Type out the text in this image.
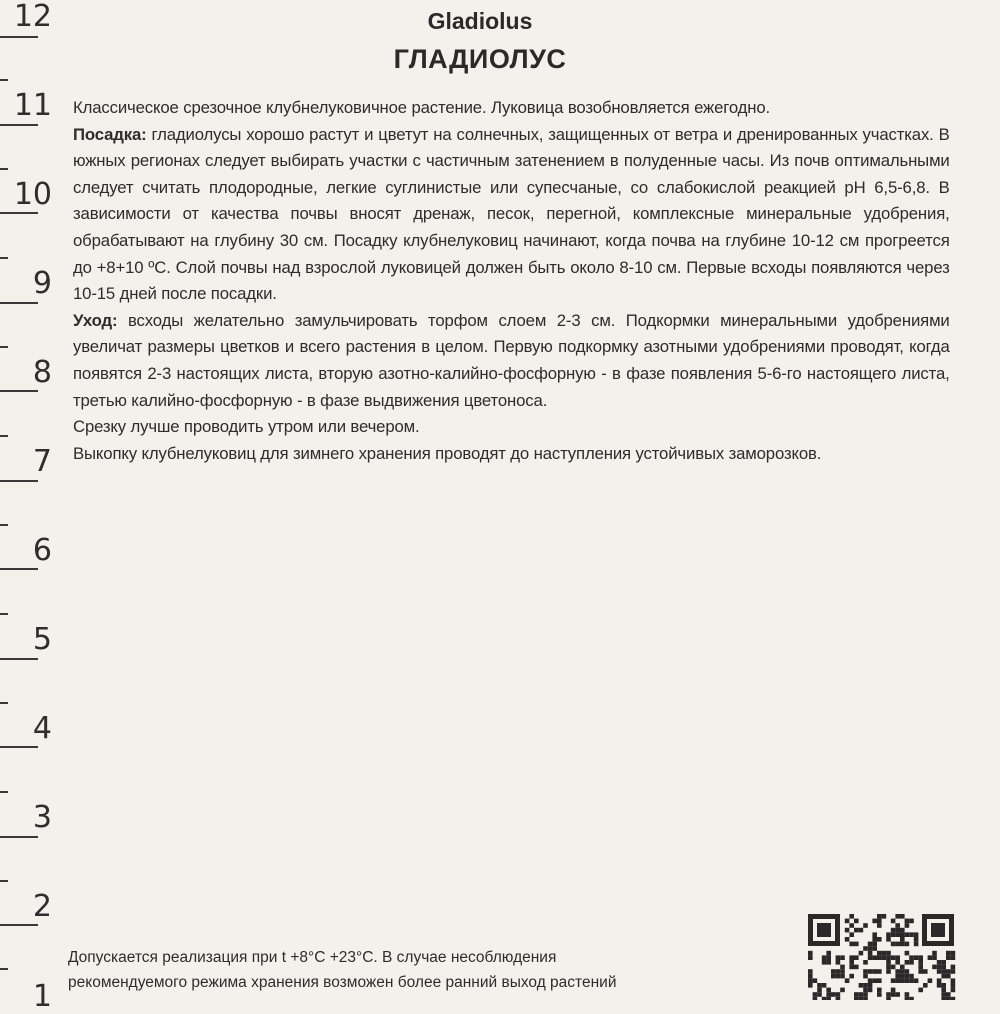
12
11
10
9
8
7
6
5
4
3
2
1
Gladiolus
ГЛАДИОЛУС

Классическое срезочное клубнелуковичное растение. Луковица возобновляется ежегодно.

Посадка: гладиолусы хорошо растут и цветут на солнечных, защищенных от ветра и дренированных участках. В южных регионах следует выбирать участки с частичным затенением в полуденные часы. Из почв оптимальными следует считать плодородные, легкие суглинистые или супесчаные, со слабокислой реакцией pH 6,5-6,8. В зависимости от качества почвы вносят дренаж, песок, перегной, комплексные минеральные удобрения, обрабатывают на глубину 30 см. Посадку клубнелуковиц начинают, когда почва на глубине 10-12 см прогреется до +8+10 ºС. Слой почвы над взрослой луковицей должен быть около 8-10 см. Первые всходы появляются через 10-15 дней после посадки.

Уход: всходы желательно замульчировать торфом слоем 2-3 см. Подкормки минеральными удобрениями увеличат размеры цветков и всего растения в целом. Первую подкормку азотными удобрениями проводят, когда появятся 2-3 настоящих листа, вторую азотно-калийно-фосфорную - в фазе появления 5-6-го настоящего листа, третью калийно-фосфорную - в фазе выдвижения цветоноса.

Срезку лучше проводить утром или вечером.

Выкопку клубнелуковиц для зимнего хранения проводят до наступления устойчивых заморозков.

Допускается реализация при t +8°С +23°С. В случае несоблюдения

рекомендуемого режима хранения возможен более ранний выход растений
